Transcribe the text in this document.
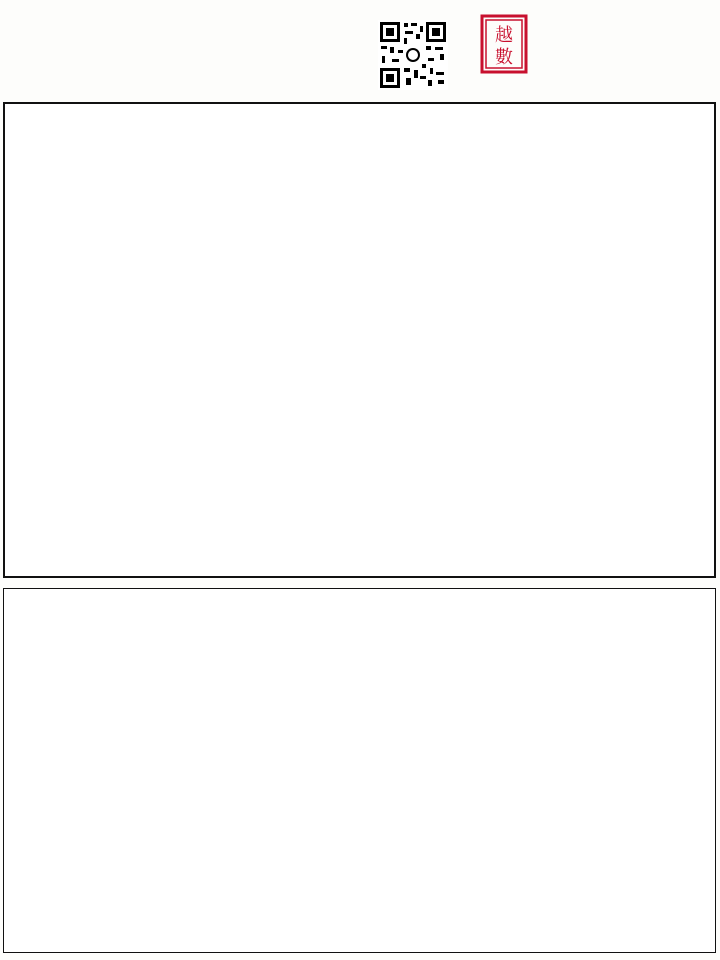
越
數
